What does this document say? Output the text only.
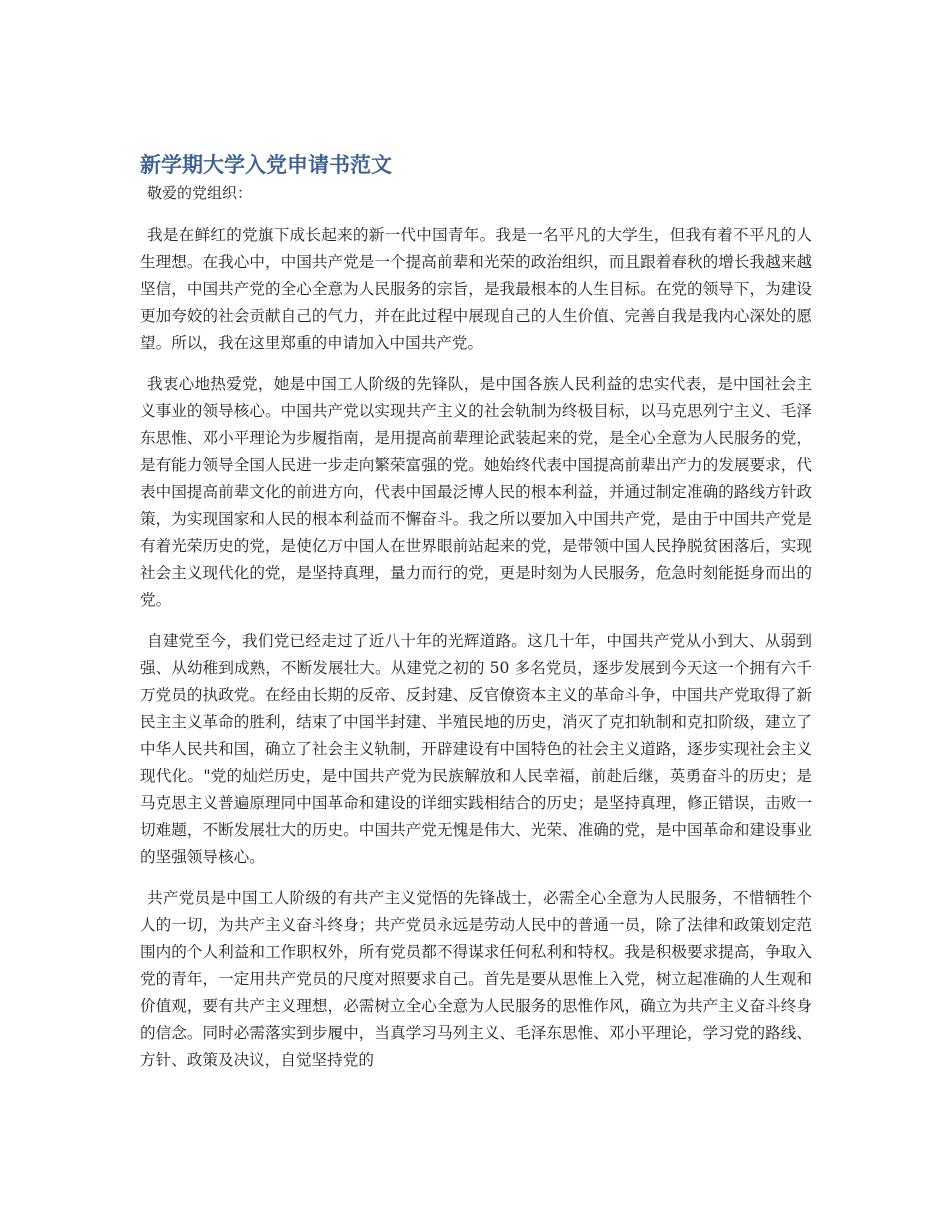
新学期大学入党申请书范文

敬爱的党组织：

我是在鲜红的党旗下成长起来的新一代中国青年。我是一名平凡的大学生，但我有着不平凡的人生理想。在我心中，中国共产党是一个提高前辈和光荣的政治组织，而且跟着春秋的增长我越来越坚信，中国共产党的全心全意为人民服务的宗旨，是我最根本的人生目标。在党的领导下，为建设更加夸姣的社会贡献自己的气力，并在此过程中展现自己的人生价值、完善自我是我内心深处的愿望。所以，我在这里郑重的申请加入中国共产党。

我衷心地热爱党，她是中国工人阶级的先锋队，是中国各族人民利益的忠实代表，是中国社会主义事业的领导核心。中国共产党以实现共产主义的社会轨制为终极目标，以马克思列宁主义、毛泽东思惟、邓小平理论为步履指南，是用提高前辈理论武装起来的党，是全心全意为人民服务的党，是有能力领导全国人民进一步走向繁荣富强的党。她始终代表中国提高前辈出产力的发展要求，代表中国提高前辈文化的前进方向，代表中国最泛博人民的根本利益，并通过制定准确的路线方针政策，为实现国家和人民的根本利益而不懈奋斗。我之所以要加入中国共产党，是由于中国共产党是有着光荣历史的党，是使亿万中国人在世界眼前站起来的党，是带领中国人民挣脱贫困落后，实现社会主义现代化的党，是坚持真理，量力而行的党，更是时刻为人民服务，危急时刻能挺身而出的党。

自建党至今，我们党已经走过了近八十年的光辉道路。这几十年，中国共产党从小到大、从弱到强、从幼稚到成熟，不断发展壮大。从建党之初的 50 多名党员，逐步发展到今天这一个拥有六千万党员的执政党。在经由长期的反帝、反封建、反官僚资本主义的革命斗争，中国共产党取得了新民主主义革命的胜利，结束了中国半封建、半殖民地的历史，消灭了克扣轨制和克扣阶级，建立了中华人民共和国，确立了社会主义轨制，开辟建设有中国特色的社会主义道路，逐步实现社会主义现代化。"党的灿烂历史，是中国共产党为民族解放和人民幸福，前赴后继，英勇奋斗的历史；是马克思主义普遍原理同中国革命和建设的详细实践相结合的历史；是坚持真理，修正错误，击败一切难题，不断发展壮大的历史。中国共产党无愧是伟大、光荣、准确的党，是中国革命和建设事业的坚强领导核心。

共产党员是中国工人阶级的有共产主义觉悟的先锋战士，必需全心全意为人民服务，不惜牺牲个人的一切，为共产主义奋斗终身；共产党员永远是劳动人民中的普通一员，除了法律和政策划定范围内的个人利益和工作职权外，所有党员都不得谋求任何私利和特权。我是积极要求提高，争取入党的青年，一定用共产党员的尺度对照要求自己。首先是要从思惟上入党，树立起准确的人生观和价值观，要有共产主义理想，必需树立全心全意为人民服务的思惟作风，确立为共产主义奋斗终身的信念。同时必需落实到步履中，当真学习马列主义、毛泽东思惟、邓小平理论，学习党的路线、方针、政策及决议，自觉坚持党的
